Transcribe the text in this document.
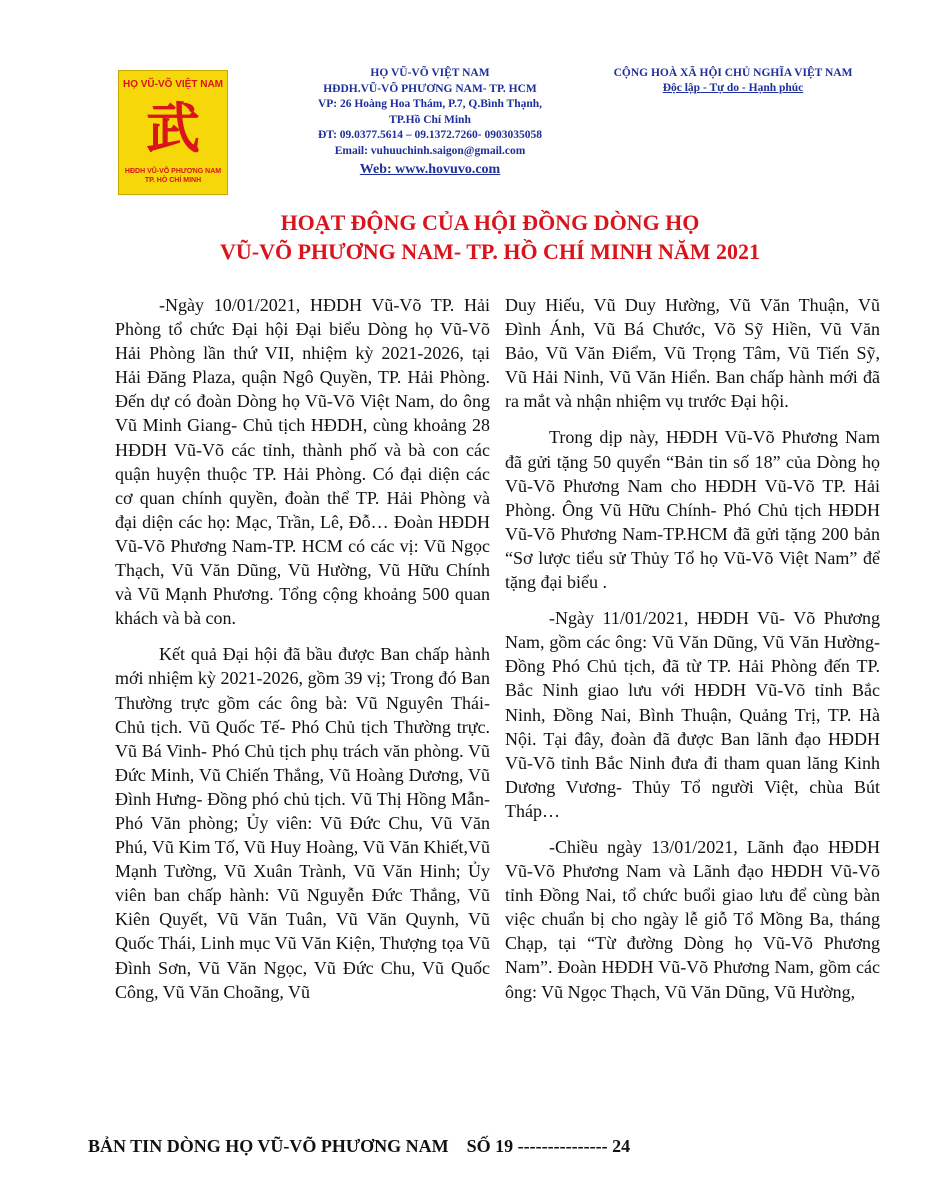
HỌ VŨ-VÕ VIỆT NAM
武
HĐDH VŨ-VÕ PHƯƠNG NAM
TP. HỒ CHÍ MINH
HỌ VŨ-VÕ VIỆT NAM
HĐDH.VŨ-VÕ PHƯƠNG NAM- TP. HCM
VP: 26 Hoàng Hoa Thám, P.7, Q.Bình Thạnh,
TP.Hồ Chí Minh
ĐT: 09.0377.5614 – 09.1372.7260- 0903035058
Email: vuhuuchinh.saigon@gmail.com
Web: www.hovuvo.com
CỘNG HOÀ XÃ HỘI CHỦ NGHĨA VIỆT NAM
Độc lập - Tự do - Hạnh phúc
HOẠT ĐỘNG CỦA HỘI ĐỒNG DÒNG HỌ
VŨ-VÕ PHƯƠNG NAM- TP. HỒ CHÍ MINH NĂM 2021

-Ngày 10/01/2021, HĐDH Vũ-Võ TP. Hải Phòng tổ chức Đại hội Đại biểu Dòng họ Vũ-Võ Hải Phòng lần thứ VII, nhiệm kỳ 2021-2026, tại Hải Đăng Plaza, quận Ngô Quyền, TP. Hải Phòng. Đến dự có đoàn Dòng họ Vũ-Võ Việt Nam, do ông Vũ Minh Giang- Chủ tịch HĐDH, cùng khoảng 28 HĐDH Vũ-Võ các tỉnh, thành phố và bà con các quận huyện thuộc TP. Hải Phòng. Có đại diện các cơ quan chính quyền, đoàn thể TP. Hải Phòng và đại diện các họ: Mạc, Trần, Lê, Đỗ… Đoàn HĐDH Vũ-Võ Phương Nam-TP. HCM có các vị: Vũ Ngọc Thạch, Vũ Văn Dũng, Vũ Hường, Vũ Hữu Chính và Vũ Mạnh Phương. Tổng cộng khoảng 500 quan khách và bà con.

Kết quả Đại hội đã bầu được Ban chấp hành mới nhiệm kỳ 2021-2026, gồm 39 vị; Trong đó Ban Thường trực gồm các ông bà: Vũ Nguyên Thái- Chủ tịch. Vũ Quốc Tế- Phó Chủ tịch Thường trực. Vũ Bá Vinh- Phó Chủ tịch phụ trách văn phòng. Vũ Đức Minh, Vũ Chiến Thắng, Vũ Hoàng Dương, Vũ Đình Hưng- Đồng phó chủ tịch. Vũ Thị Hồng Mẫn- Phó Văn phòng; Ủy viên: Vũ Đức Chu, Vũ Văn Phú, Vũ Kim Tố, Vũ Huy Hoàng, Vũ Văn Khiết,Vũ Mạnh Tường, Vũ Xuân Trành, Vũ Văn Hinh; Ủy viên ban chấp hành: Vũ Nguyễn Đức Thắng, Vũ Kiên Quyết, Vũ Văn Tuân, Vũ Văn Quynh, Vũ Quốc Thái, Linh mục Vũ Văn Kiện, Thượng tọa Vũ Đình Sơn, Vũ Văn Ngọc, Vũ Đức Chu, Vũ Quốc Công, Vũ Văn Choãng, Vũ

Duy Hiếu, Vũ Duy Hường, Vũ Văn Thuận, Vũ Đình Ánh, Vũ Bá Chước, Võ Sỹ Hiền, Vũ Văn Bảo, Vũ Văn Điểm, Vũ Trọng Tâm, Vũ Tiến Sỹ, Vũ Hải Ninh, Vũ Văn Hiển. Ban chấp hành mới đã ra mắt và nhận nhiệm vụ trước Đại hội.

Trong dịp này, HĐDH Vũ-Võ Phương Nam đã gửi tặng 50 quyển “Bản tin số 18” của Dòng họ Vũ-Võ Phương Nam cho HĐDH Vũ-Võ TP. Hải Phòng. Ông Vũ Hữu Chính- Phó Chủ tịch HĐDH Vũ-Võ Phương Nam-TP.HCM đã gửi tặng 200 bản “Sơ lược tiểu sử Thủy Tổ họ Vũ-Võ Việt Nam” để tặng đại biểu .

-Ngày 11/01/2021, HĐDH Vũ- Võ Phương Nam, gồm các ông: Vũ Văn Dũng, Vũ Văn Hường- Đồng Phó Chủ tịch, đã từ TP. Hải Phòng đến TP. Bắc Ninh giao lưu với HĐDH Vũ-Võ tỉnh Bắc Ninh, Đồng Nai, Bình Thuận, Quảng Trị, TP. Hà Nội. Tại đây, đoàn đã được Ban lãnh đạo HĐDH Vũ-Võ tỉnh Bắc Ninh đưa đi tham quan lăng Kinh Dương Vương- Thủy Tổ người Việt, chùa Bút Tháp…

-Chiều ngày 13/01/2021, Lãnh đạo HĐDH Vũ-Võ Phương Nam và Lãnh đạo HĐDH Vũ-Võ tỉnh Đồng Nai, tổ chức buổi giao lưu để cùng bàn việc chuẩn bị cho ngày lễ giỗ Tổ Mồng Ba, tháng Chạp, tại “Từ đường Dòng họ Vũ-Võ Phương Nam”. Đoàn HĐDH Vũ-Võ Phương Nam, gồm các ông: Vũ Ngọc Thạch, Vũ Văn Dũng, Vũ Hường,

BẢN TIN DÒNG HỌ VŨ-VÕ PHƯƠNG NAM    SỐ 19 --------------- 24
